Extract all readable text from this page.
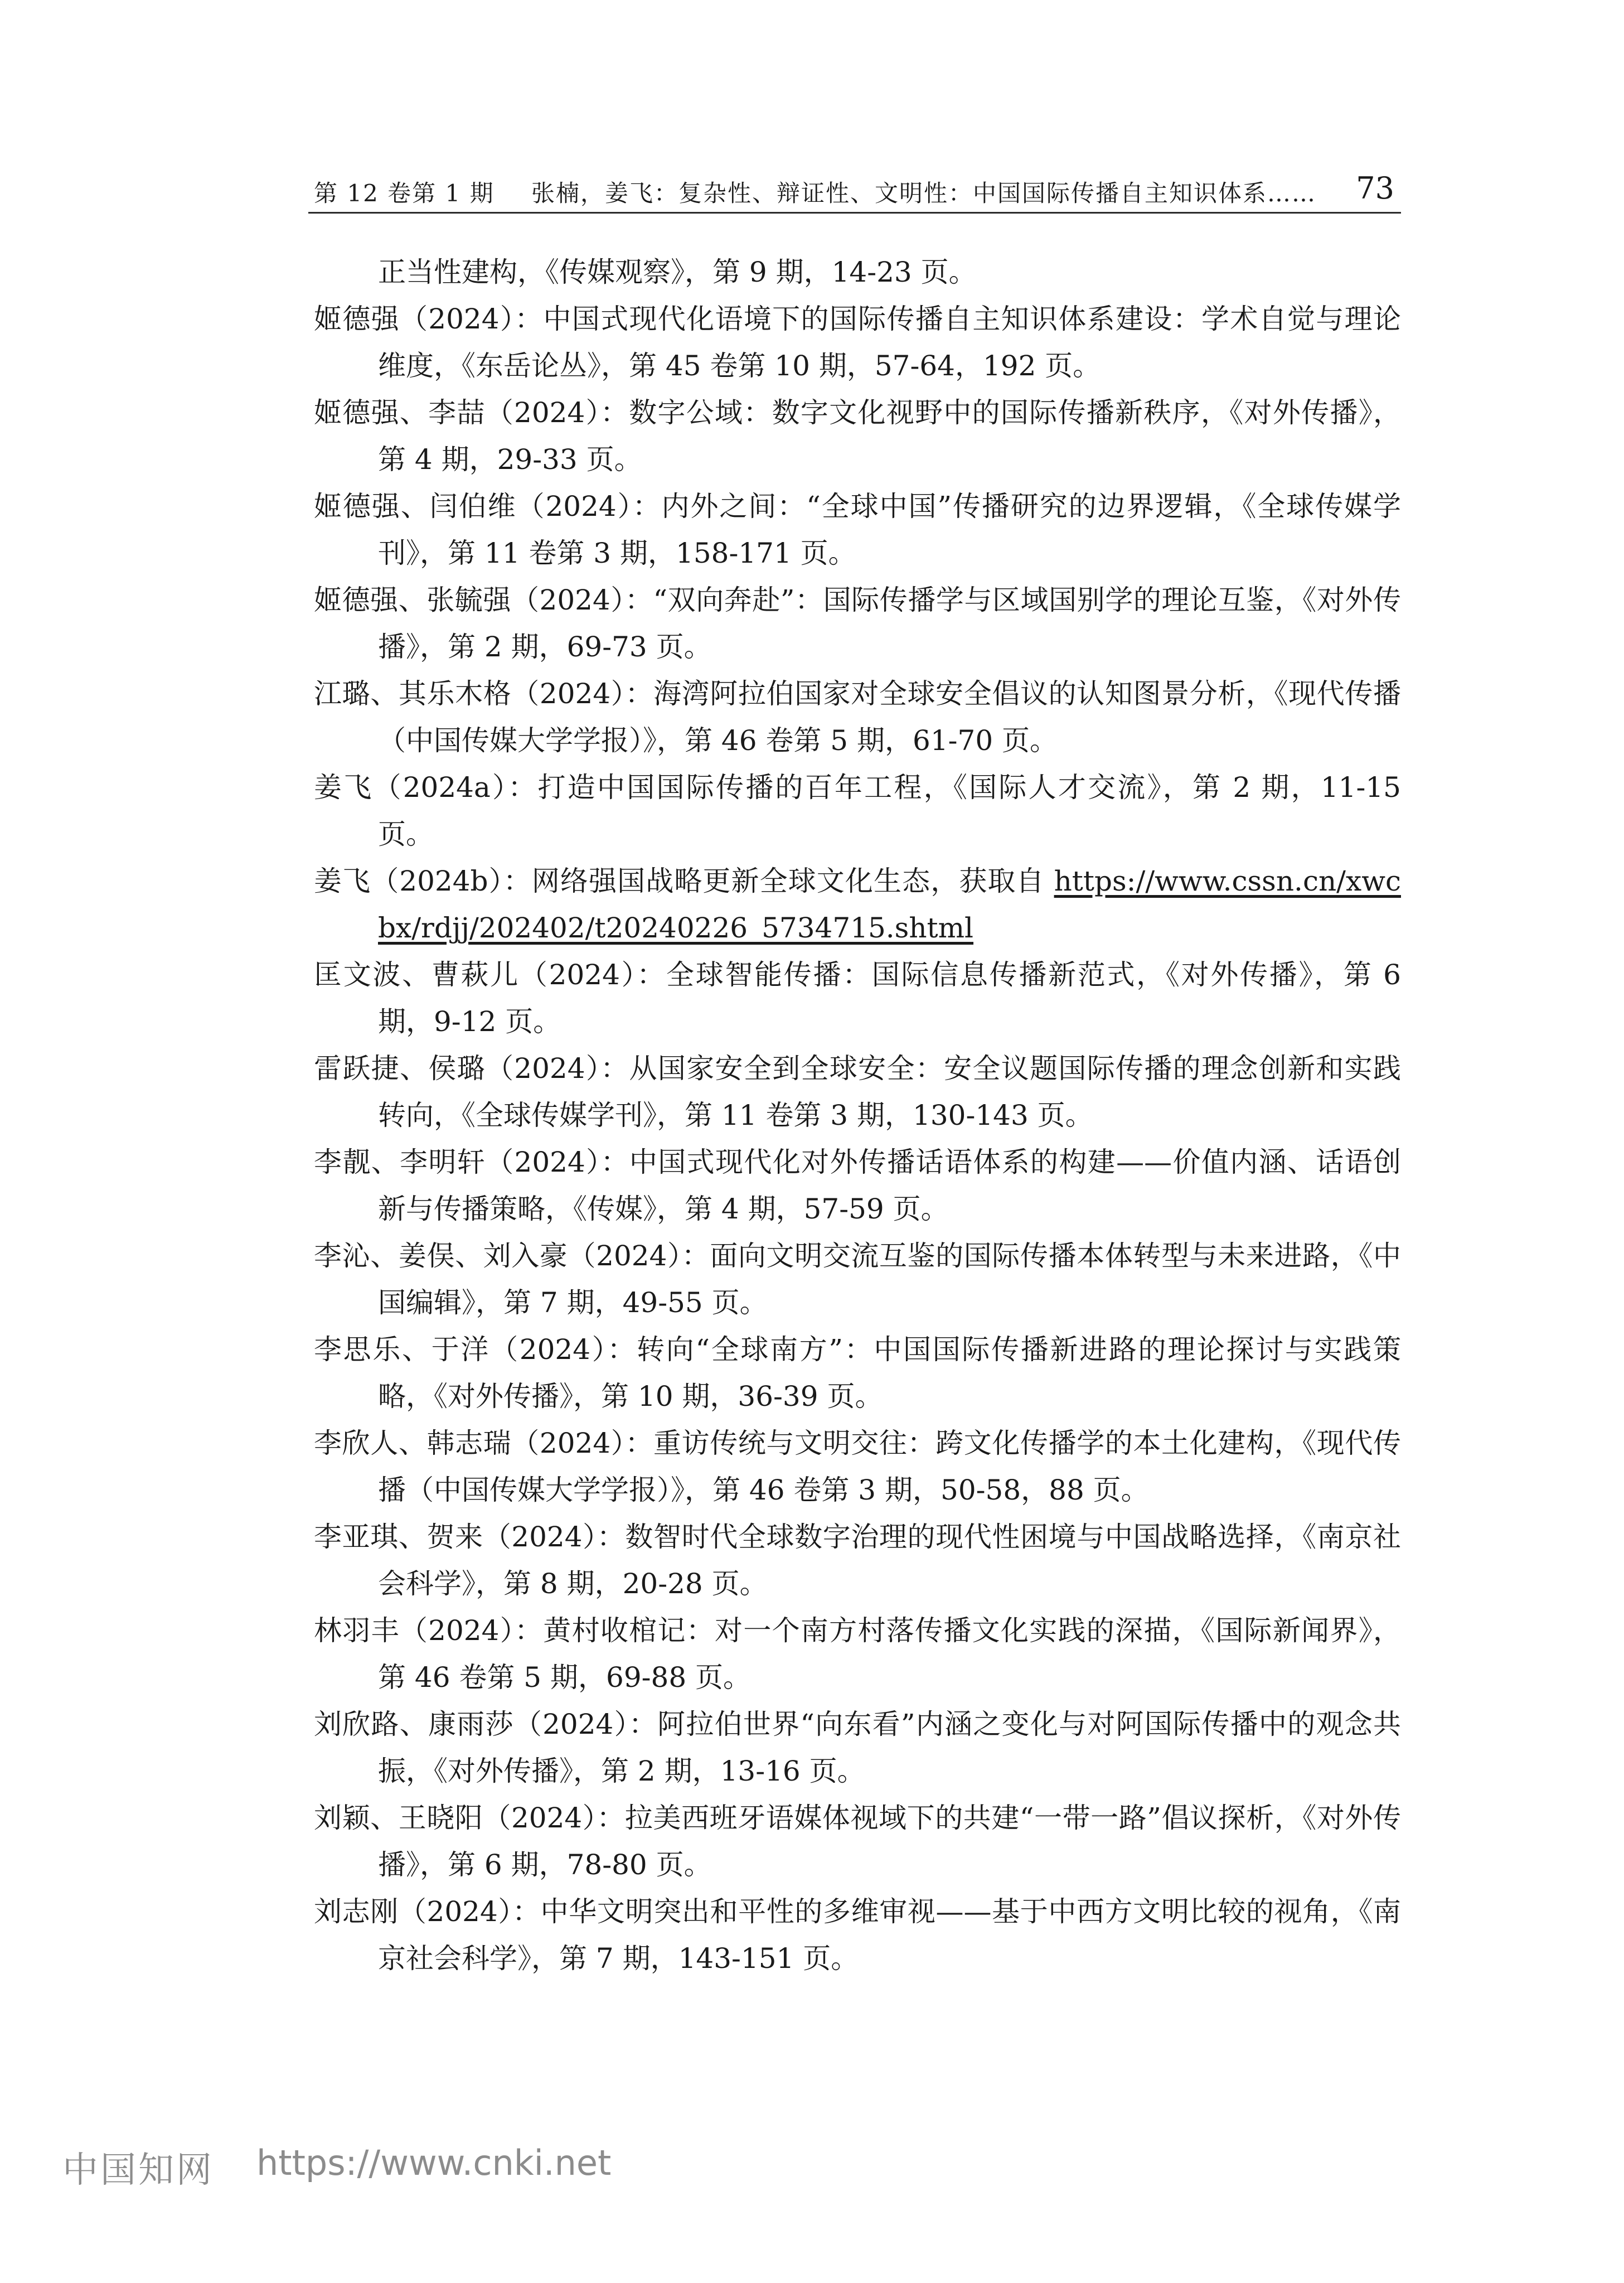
第 12 卷第 1 期 张楠，姜飞：复杂性、辩证性、文明性：中国国际传播自主知识体系…… 73
正当性建构，《传媒观察》，第 9 期，14-23 页。
姬德强（2024）：中国式现代化语境下的国际传播自主知识体系建设：学术自觉与理论维度，《东岳论丛》，第 45 卷第 10 期，57-64，192 页。
姬德强、李喆（2024）：数字公域：数字文化视野中的国际传播新秩序，《对外传播》，第 4 期，29-33 页。
姬德强、闫伯维（2024）：内外之间：“全球中国”传播研究的边界逻辑，《全球传媒学刊》，第 11 卷第 3 期，158-171 页。
姬德强、张毓强（2024）：“双向奔赴”：国际传播学与区域国别学的理论互鉴，《对外传播》，第 2 期，69-73 页。
江璐、其乐木格（2024）：海湾阿拉伯国家对全球安全倡议的认知图景分析，《现代传播（中国传媒大学学报）》，第 46 卷第 5 期，61-70 页。
姜飞（2024a）：打造中国国际传播的百年工程，《国际人才交流》，第 2 期，11-15 页。
姜飞（2024b）：网络强国战略更新全球文化生态，获取自 https://www.cssn.cn/xwcbx/rdjj/202402/t20240226_5734715.shtml
匡文波、曹萩儿（2024）：全球智能传播：国际信息传播新范式，《对外传播》，第 6 期，9-12 页。
雷跃捷、侯璐（2024）：从国家安全到全球安全：安全议题国际传播的理念创新和实践转向，《全球传媒学刊》，第 11 卷第 3 期，130-143 页。
李靓、李明轩（2024）：中国式现代化对外传播话语体系的构建——价值内涵、话语创新与传播策略，《传媒》，第 4 期，57-59 页。
李沁、姜俣、刘入豪（2024）：面向文明交流互鉴的国际传播本体转型与未来进路，《中国编辑》，第 7 期，49-55 页。
李思乐、于洋（2024）：转向“全球南方”：中国国际传播新进路的理论探讨与实践策略，《对外传播》，第 10 期，36-39 页。
李欣人、韩志瑞（2024）：重访传统与文明交往：跨文化传播学的本土化建构，《现代传播（中国传媒大学学报）》，第 46 卷第 3 期，50-58，88 页。
李亚琪、贺来（2024）：数智时代全球数字治理的现代性困境与中国战略选择，《南京社会科学》，第 8 期，20-28 页。
林羽丰（2024）：黄村收棺记：对一个南方村落传播文化实践的深描，《国际新闻界》，第 46 卷第 5 期，69-88 页。
刘欣路、康雨莎（2024）：阿拉伯世界“向东看”内涵之变化与对阿国际传播中的观念共振，《对外传播》，第 2 期，13-16 页。
刘颖、王晓阳（2024）：拉美西班牙语媒体视域下的共建“一带一路”倡议探析，《对外传播》，第 6 期，78-80 页。
刘志刚（2024）：中华文明突出和平性的多维审视——基于中西方文明比较的视角，《南京社会科学》，第 7 期，143-151 页。
中国知网 https://www.cnki.net
